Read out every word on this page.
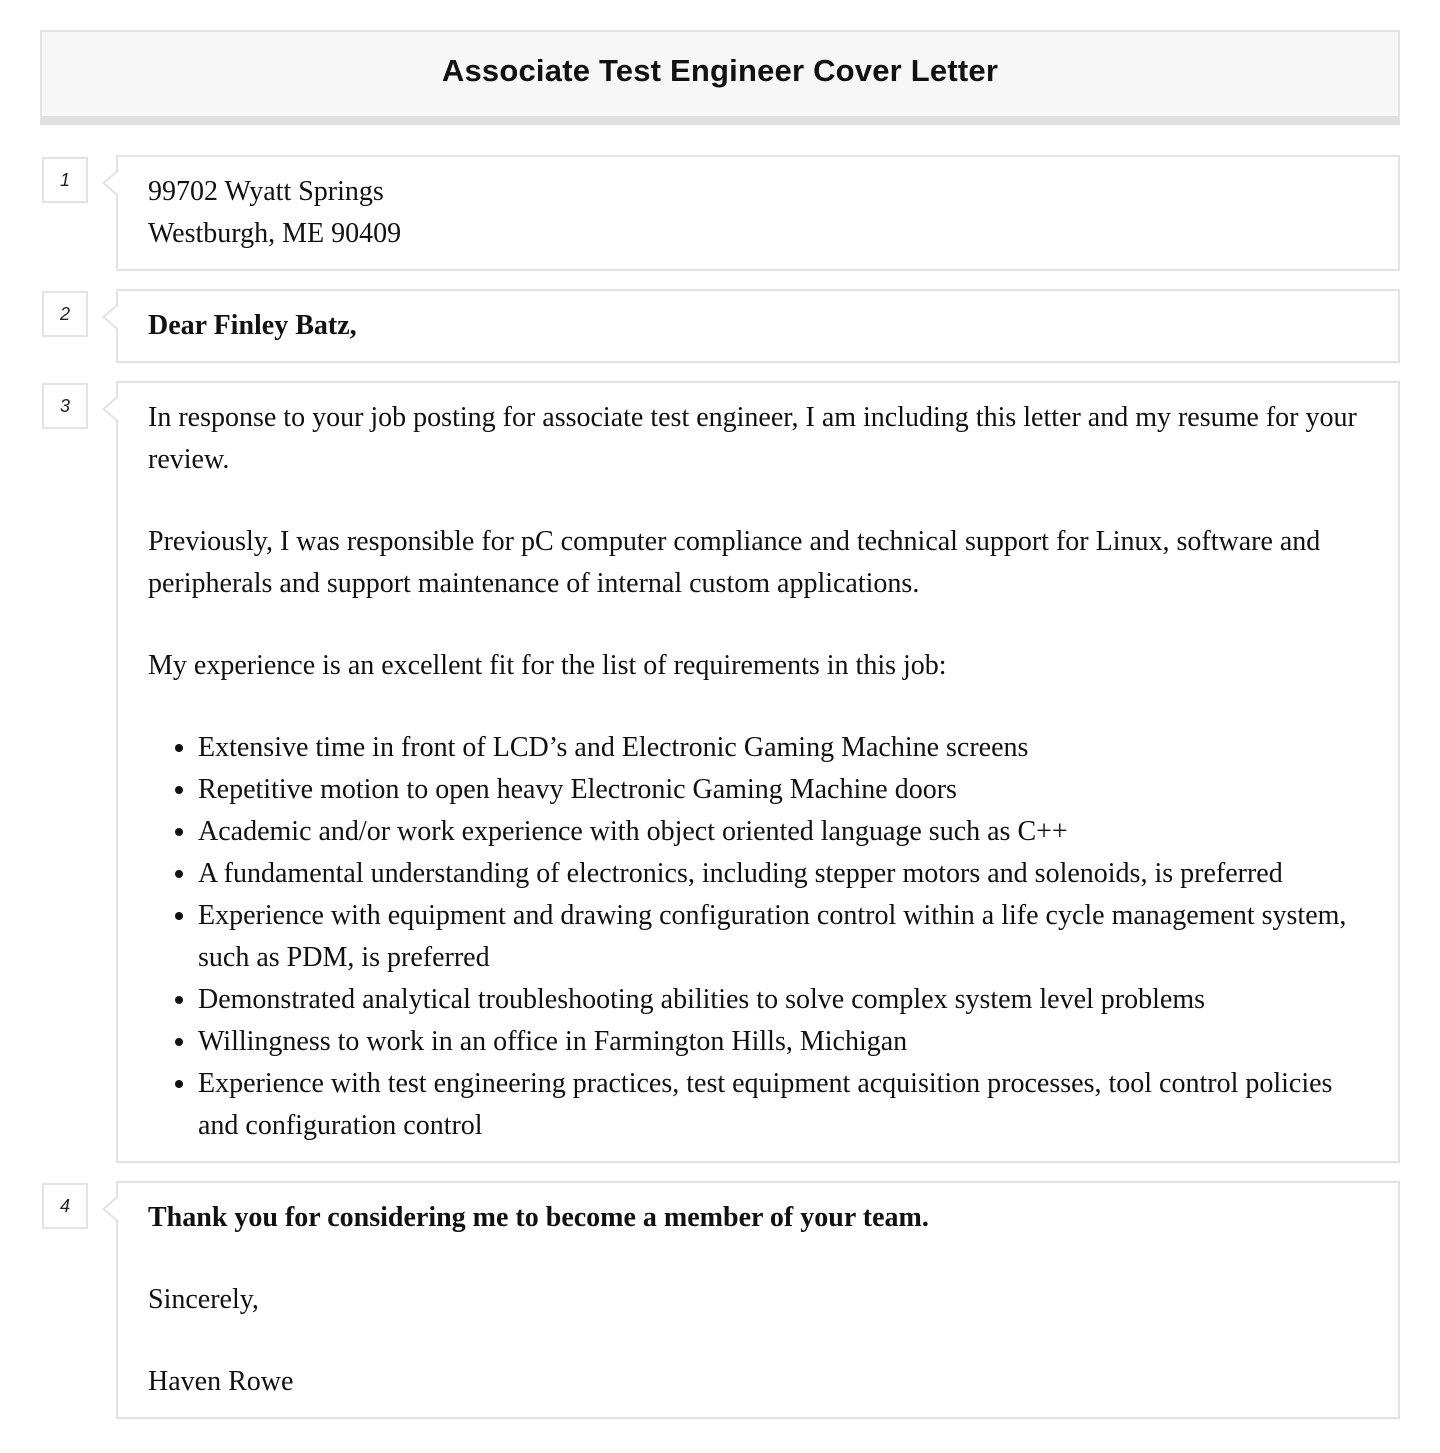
Associate Test Engineer Cover Letter
1	99702 Wyatt Springs
Westburgh, ME 90409
2	Dear Finley Batz,
3	In response to your job posting for associate test engineer, I am including this letter and my resume for your review.

Previously, I was responsible for pC computer compliance and technical support for Linux, software and peripherals and support maintenance of internal custom applications.

My experience is an excellent fit for the list of requirements in this job:

• Extensive time in front of LCD’s and Electronic Gaming Machine screens
• Repetitive motion to open heavy Electronic Gaming Machine doors
• Academic and/or work experience with object oriented language such as C++
• A fundamental understanding of electronics, including stepper motors and solenoids, is preferred
• Experience with equipment and drawing configuration control within a life cycle management system, such as PDM, is preferred
• Demonstrated analytical troubleshooting abilities to solve complex system level problems
• Willingness to work in an office in Farmington Hills, Michigan
• Experience with test engineering practices, test equipment acquisition processes, tool control policies and configuration control
4	Thank you for considering me to become a member of your team.

Sincerely,

Haven Rowe
